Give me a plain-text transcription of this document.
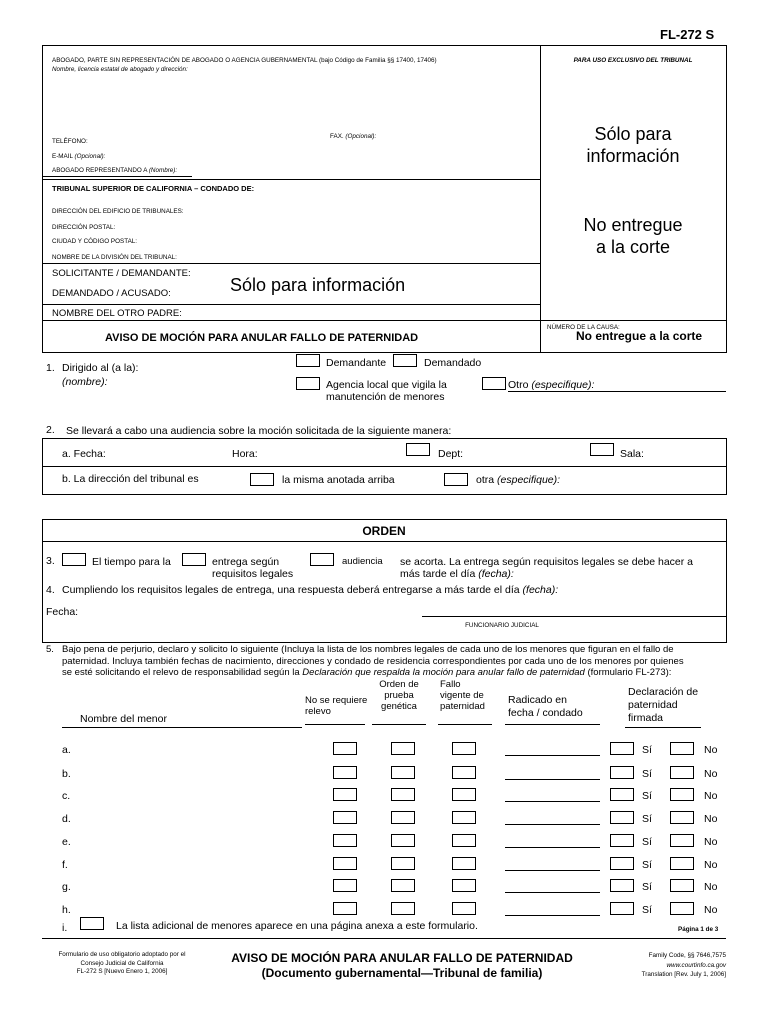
FL-272 S
ABOGADO, PARTE SIN REPRESENTACIÓN DE ABOGADO O AGENCIA GUBERNAMENTAL (bajo Código de Familia §§ 17400, 17406)
Nombre, licencia estatal de abogado y dirección:
PARA USO EXCLUSIVO DEL TRIBUNAL
TELÉFONO:
FAX. (Opcional):
E-MAIL (Opcional):
ABOGADO REPRESENTANDO A (Nombre):
Sólo para
información
TRIBUNAL SUPERIOR DE CALIFORNIA – CONDADO DE:
DIRECCIÓN DEL EDIFICIO DE TRIBUNALES:
DIRECCIÓN POSTAL:
CIUDAD Y CÓDIGO POSTAL:
NOMBRE DE LA DIVISIÓN DEL TRIBUNAL:
No entregue
a la corte
SOLICITANTE / DEMANDANTE:
DEMANDADO / ACUSADO:	Sólo para información
NOMBRE DEL OTRO PADRE:
AVISO DE MOCIÓN PARA ANULAR FALLO DE PATERNIDAD
NÚMERO DE LA CAUSA:
No entregue a la corte
1. Dirigido al (a la):
(nombre):
Demandante	Demandado
Agencia local que vigila la
manutención de menores
Otro (especifique):
2. Se llevará a cabo una audiencia sobre la moción solicitada de la siguiente manera:
a. Fecha:	Hora:	Dept:	Sala:
b. La dirección del tribunal es	la misma anotada arriba	otra (especifique):
ORDEN
3.	El tiempo para la	entrega según
requisitos legales
audiencia se acorta. La entrega según requisitos legales se debe hacer a
más tarde el día (fecha):
4. Cumpliendo los requisitos legales de entrega, una respuesta deberá entregarse a más tarde el día (fecha):
Fecha:
FUNCIONARIO JUDICIAL
5. Bajo pena de perjurio, declaro y solicito lo siguiente (Incluya la lista de los nombres legales de cada uno de los menores que figuran en el fallo de
paternidad. Incluya también fechas de nacimiento, direcciones y condado de residencia correspondientes por cada uno de los menores por quienes
se esté solicitando el relevo de responsabilidad según la Declaración que respalda la moción para anular fallo de paternidad (formulario FL-273):
Nombre del menor
No se requiere
relevo
Orden de
prueba
genética
Fallo
vigente de
paternidad
Radicado en
fecha / condado
Declaración de
paternidad
firmada
a.	Sí	No
b.	Sí	No
c.	Sí	No
d.	Sí	No
e.	Sí	No
f.	Sí	No
g.	Sí	No
h.	Sí	No
i.	La lista adicional de menores aparece en una página anexa a este formulario.	Página 1 de 3
Formulario de uso obligatorio adoptado por el
Consejo Judicial de California
FL-272 S [Nuevo Enero 1, 2006]
AVISO DE MOCIÓN PARA ANULAR FALLO DE PATERNIDAD
(Documento gubernamental—Tribunal de familia)
Family Code, §§ 7646,7575
www.courtinfo.ca.gov
Translation [Rev. July 1, 2006]
